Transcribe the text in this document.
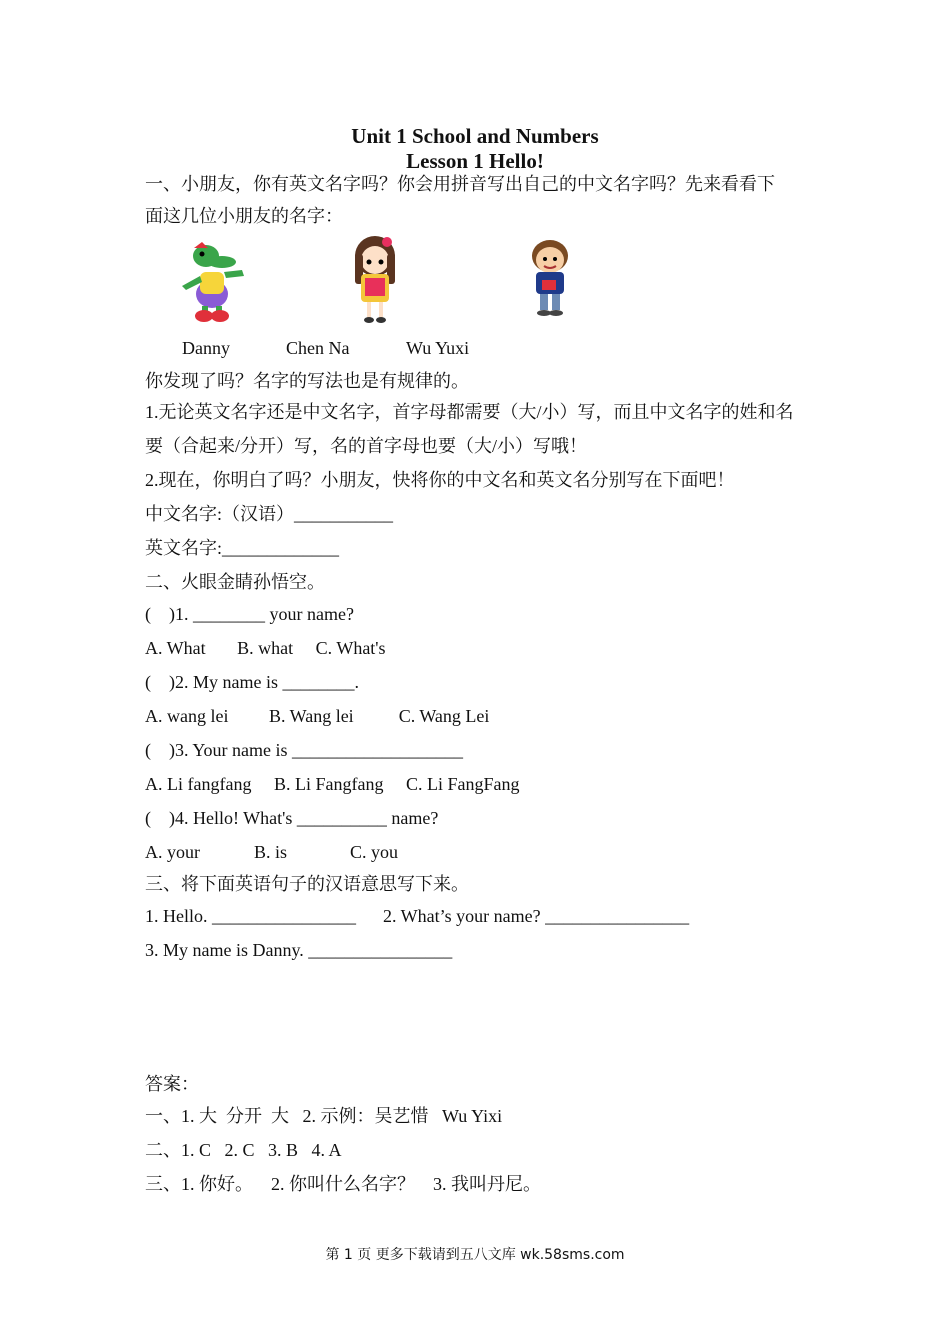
Unit 1 School and Numbers
Lesson 1 Hello!
一、小朋友，你有英文名字吗？你会用拼音写出自己的中文名字吗？先来看看下
面这几位小朋友的名字：
Danny	Chen Na	Wu Yuxi
你发现了吗？名字的写法也是有规律的。
1.无论英文名字还是中文名字，首字母都需要（大/小）写，而且中文名字的姓和名
要（合起来/分开）写，名的首字母也要（大/小）写哦！
2.现在，你明白了吗？小朋友，快将你的中文名和英文名分别写在下面吧！
中文名字:（汉语）___________
英文名字:_____________
二、火眼金睛孙悟空。
(    )1. ________ your name?
A. What       B. what     C. What's
(    )2. My name is ________.
A. wang lei         B. Wang lei          C. Wang Lei
(    )3. Your name is ___________________
A. Li fangfang     B. Li Fangfang     C. Li FangFang
(    )4. Hello! What's __________ name?
A. your            B. is              C. you
三、将下面英语句子的汉语意思写下来。
1. Hello. ________________      2. What’s your name? ________________
3. My name is Danny. ________________
答案：
一、1. 大  分开  大   2. 示例：吴艺惜   Wu Yixi
二、1. C   2. C   3. B   4. A
三、1. 你好。    2. 你叫什么名字？    3. 我叫丹尼。
第 1 页 更多下载请到五八文库 wk.58sms.com
